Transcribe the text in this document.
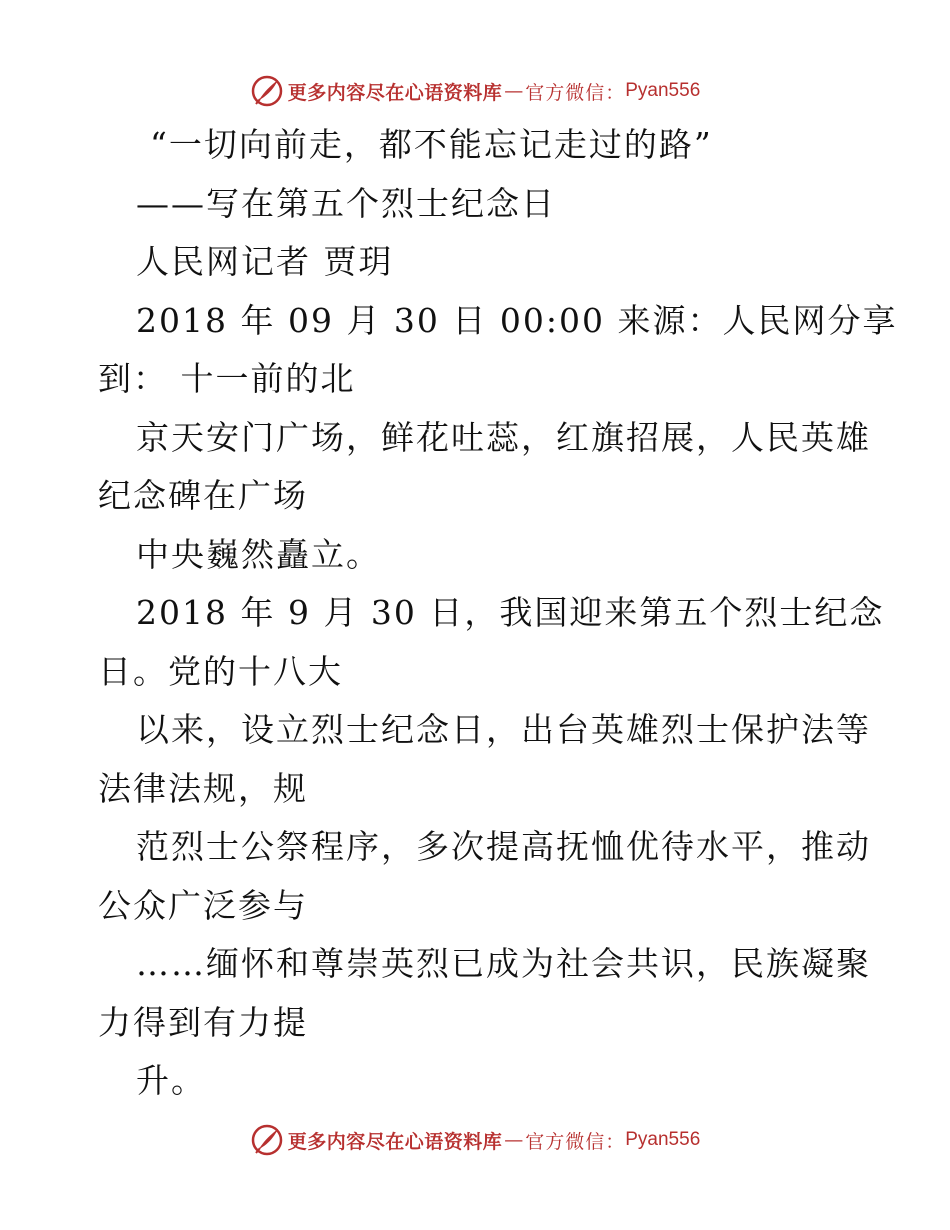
更多内容尽在心语资料库 — 官方微信： Pyan556
“一切向前走，都不能忘记走过的路”
——写在第五个烈士纪念日
人民网记者 贾玥
2018 年 09 月 30 日 00:00 来源：人民网分享
到： 十一前的北
京天安门广场，鲜花吐蕊，红旗招展，人民英雄
纪念碑在广场
中央巍然矗立。
2018 年 9 月 30 日，我国迎来第五个烈士纪念
日。党的十八大
以来，设立烈士纪念日，出台英雄烈士保护法等
法律法规，规
范烈士公祭程序，多次提高抚恤优待水平，推动
公众广泛参与
……缅怀和尊崇英烈已成为社会共识，民族凝聚
力得到有力提
升。
更多内容尽在心语资料库 — 官方微信： Pyan556
